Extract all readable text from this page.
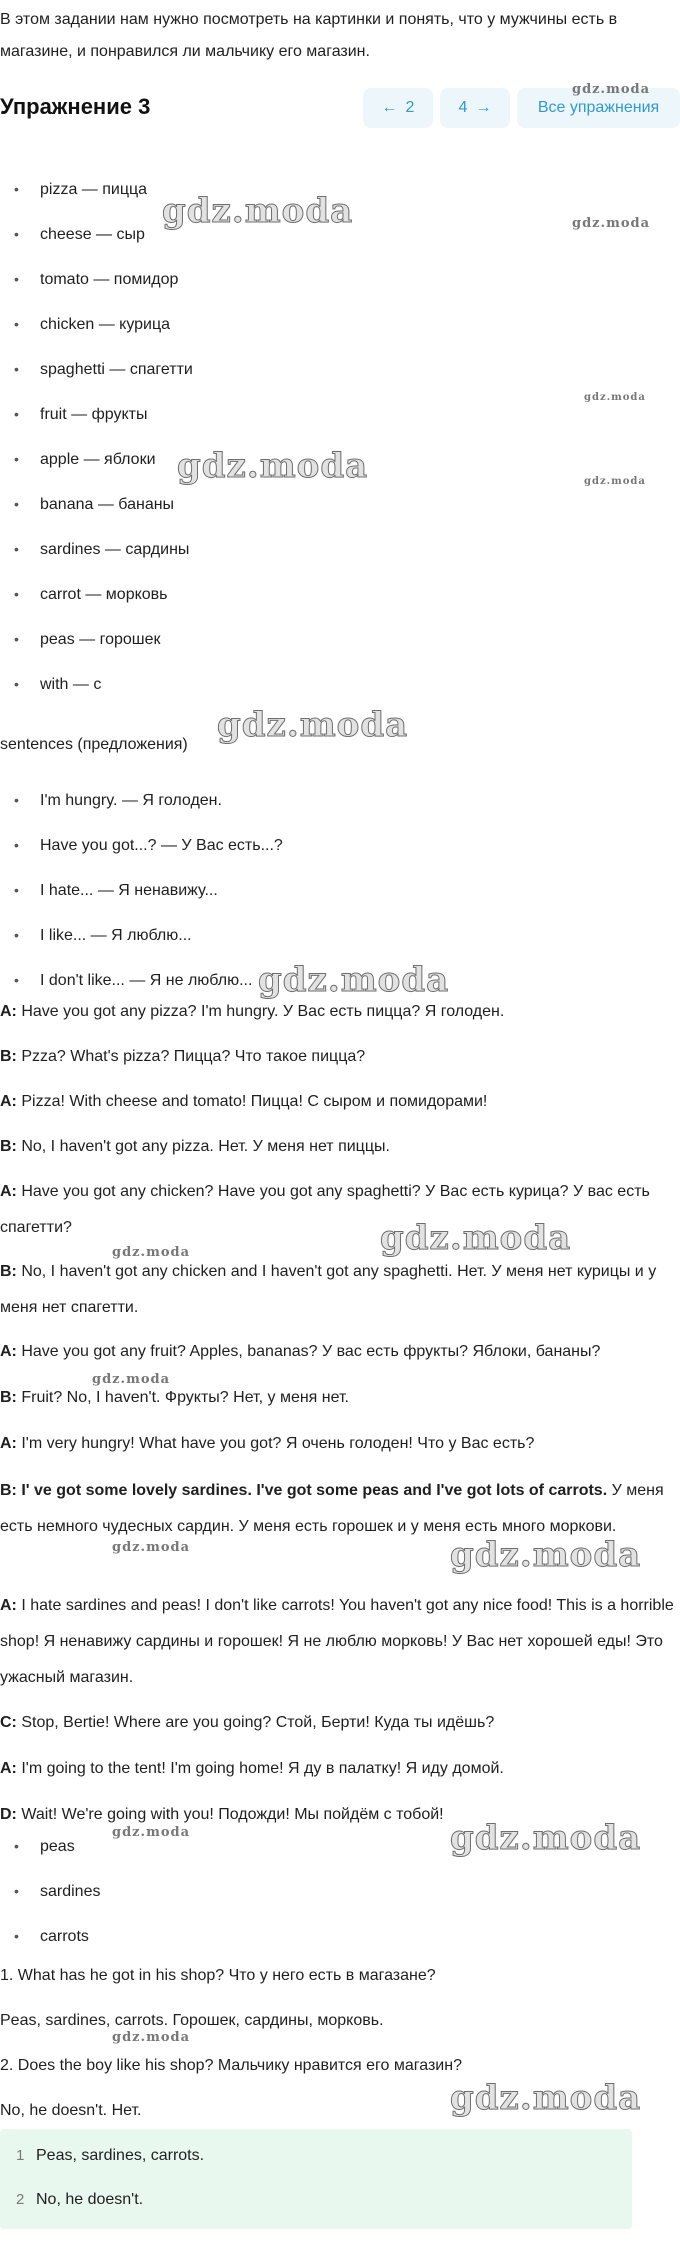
В этом задании нам нужно посмотреть на картинки и понять, что у мужчины есть в магазине, и понравился ли мальчику его магазин.

Упражнение 3	← 2	4 →	Все упражнения
• pizza — пицца
• cheese — сыр
• tomato — помидор
• chicken — курица
• spaghetti — спагетти
• fruit — фрукты
• apple — яблоки
• banana — бананы
• sardines — сардины
• carrot — морковь
• peas — горошек
• with — с

sentences (предложения)

• I'm hungry. — Я голоден.
• Have you got...? — У Вас есть...?
• I hate... — Я ненавижу...
• I like... — Я люблю...
• I don't like... — Я не люблю...

A: Have you got any pizza? I'm hungry. У Вас есть пицца? Я голоден.

B: Pzza? What's pizza? Пицца? Что такое пицца?

A: Pizza! With cheese and tomato! Пицца! С сыром и помидорами!

B: No, I haven't got any pizza. Нет. У меня нет пиццы.

A: Have you got any chicken? Have you got any spaghetti? У Вас есть курица? У вас есть спагетти?

B: No, I haven't got any chicken and I haven't got any spaghetti. Нет. У меня нет курицы и у меня нет спагетти.

A: Have you got any fruit? Apples, bananas? У вас есть фрукты? Яблоки, бананы?

B: Fruit? No, I haven't. Фрукты? Нет, у меня нет.

A: I'm very hungry! What have you got? Я очень голоден! Что у Вас есть?

B: I' ve got some lovely sardines. I've got some peas and I've got lots of carrots. У меня есть немного чудесных сардин. У меня есть горошек и у меня есть много моркови.

A: I hate sardines and peas! I don't like carrots! You haven't got any nice food! This is a horrible shop! Я ненавижу сардины и горошек! Я не люблю морковь! У Вас нет хорошей еды! Это ужасный магазин.

C: Stop, Bertie! Where are you going? Стой, Берти! Куда ты идёшь?

A: I'm going to the tent! I'm going home! Я ду в палатку! Я иду домой.

D: Wait! We're going with you! Подожди! Мы пойдём с тобой!

• peas
• sardines
• carrots

1. What has he got in his shop? Что у него есть в магазане?

Peas, sardines, carrots. Горошек, сардины, морковь.

2. Does the boy like his shop? Мальчику нравится его магазин?

No, he doesn't. Нет.

1 Peas, sardines, carrots.
2 No, he doesn't.
gdz.moda
gdz.moda
gdz.moda
gdz.moda
gdz.moda
gdz.moda
gdz.moda
gdz.moda
gdz.moda
gdz.moda
gdz.moda
gdz.moda
gdz.moda
gdz.moda
gdz.moda
gdz.moda
gdz.moda
